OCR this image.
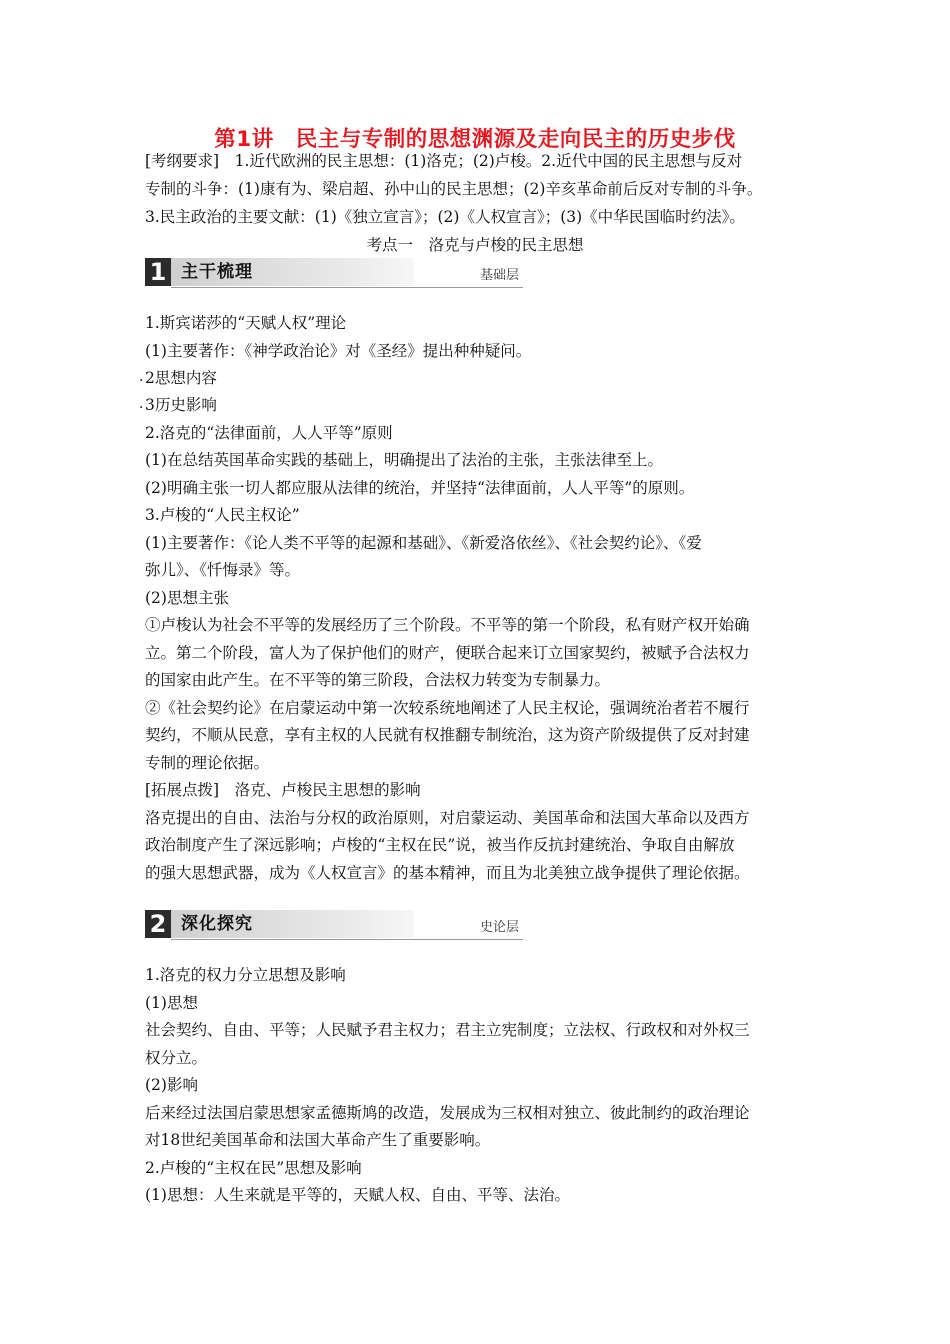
第1讲　民主与专制的思想渊源及走向民主的历史步伐
[考纲要求]　1.近代欧洲的民主思想：(1)洛克；(2)卢梭。2.近代中国的民主思想与反对
专制的斗争：(1)康有为、梁启超、孙中山的民主思想；(2)辛亥革命前后反对专制的斗争。
3.民主政治的主要文献：(1)《独立宣言》；(2)《人权宣言》；(3)《中华民国临时约法》。
考点一　洛克与卢梭的民主思想
1 主干梳理	基础层
1.斯宾诺莎的“天赋人权”理论
(1)主要著作：《神学政治论》对《圣经》提出种种疑问。
· 2思想内容
· 3历史影响
2.洛克的“法律面前，人人平等”原则
(1)在总结英国革命实践的基础上，明确提出了法治的主张，主张法律至上。
(2)明确主张一切人都应服从法律的统治，并坚持“法律面前，人人平等”的原则。
3.卢梭的“人民主权论”
(1)主要著作：《论人类不平等的起源和基础》、《新爱洛依丝》、《社会契约论》、《爱
弥儿》、《忏悔录》等。
(2)思想主张
①卢梭认为社会不平等的发展经历了三个阶段。不平等的第一个阶段，私有财产权开始确
立。第二个阶段，富人为了保护他们的财产，便联合起来订立国家契约，被赋予合法权力
的国家由此产生。在不平等的第三阶段，合法权力转变为专制暴力。
②《社会契约论》在启蒙运动中第一次较系统地阐述了人民主权论，强调统治者若不履行
契约，不顺从民意，享有主权的人民就有权推翻专制统治，这为资产阶级提供了反对封建
专制的理论依据。
[拓展点拨]　洛克、卢梭民主思想的影响
洛克提出的自由、法治与分权的政治原则，对启蒙运动、美国革命和法国大革命以及西方
政治制度产生了深远影响；卢梭的“主权在民”说，被当作反抗封建统治、争取自由解放
的强大思想武器，成为《人权宣言》的基本精神，而且为北美独立战争提供了理论依据。
2 深化探究	史论层
1.洛克的权力分立思想及影响
(1)思想
社会契约、自由、平等；人民赋予君主权力；君主立宪制度；立法权、行政权和对外权三
权分立。
(2)影响
后来经过法国启蒙思想家孟德斯鸠的改造，发展成为三权相对独立、彼此制约的政治理论
对18世纪美国革命和法国大革命产生了重要影响。
2.卢梭的“主权在民”思想及影响
(1)思想：人生来就是平等的，天赋人权、自由、平等、法治。
